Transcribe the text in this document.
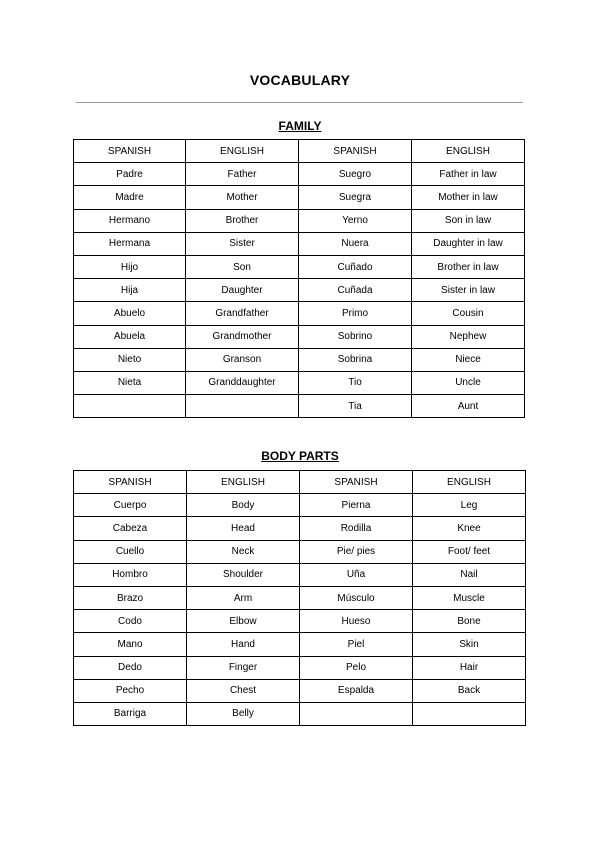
VOCABULARY
FAMILY
SPANISH	ENGLISH	SPANISH	ENGLISH
Padre	Father	Suegro	Father in law
Madre	Mother	Suegra	Mother in law
Hermano	Brother	Yerno	Son in law
Hermana	Sister	Nuera	Daughter in law
Hijo	Son	Cuñado	Brother in law
Hija	Daughter	Cuñada	Sister in law
Abuelo	Grandfather	Primo	Cousin
Abuela	Grandmother	Sobrino	Nephew
Nieto	Granson	Sobrina	Niece
Nieta	Granddaughter	Tio	Uncle
		Tia	Aunt
BODY PARTS
SPANISH	ENGLISH	SPANISH	ENGLISH
Cuerpo	Body	Pierna	Leg
Cabeza	Head	Rodilla	Knee
Cuello	Neck	Pie/ pies	Foot/ feet
Hombro	Shoulder	Uña	Nail
Brazo	Arm	Músculo	Muscle
Codo	Elbow	Hueso	Bone
Mano	Hand	Piel	Skin
Dedo	Finger	Pelo	Hair
Pecho	Chest	Espalda	Back
Barriga	Belly		
